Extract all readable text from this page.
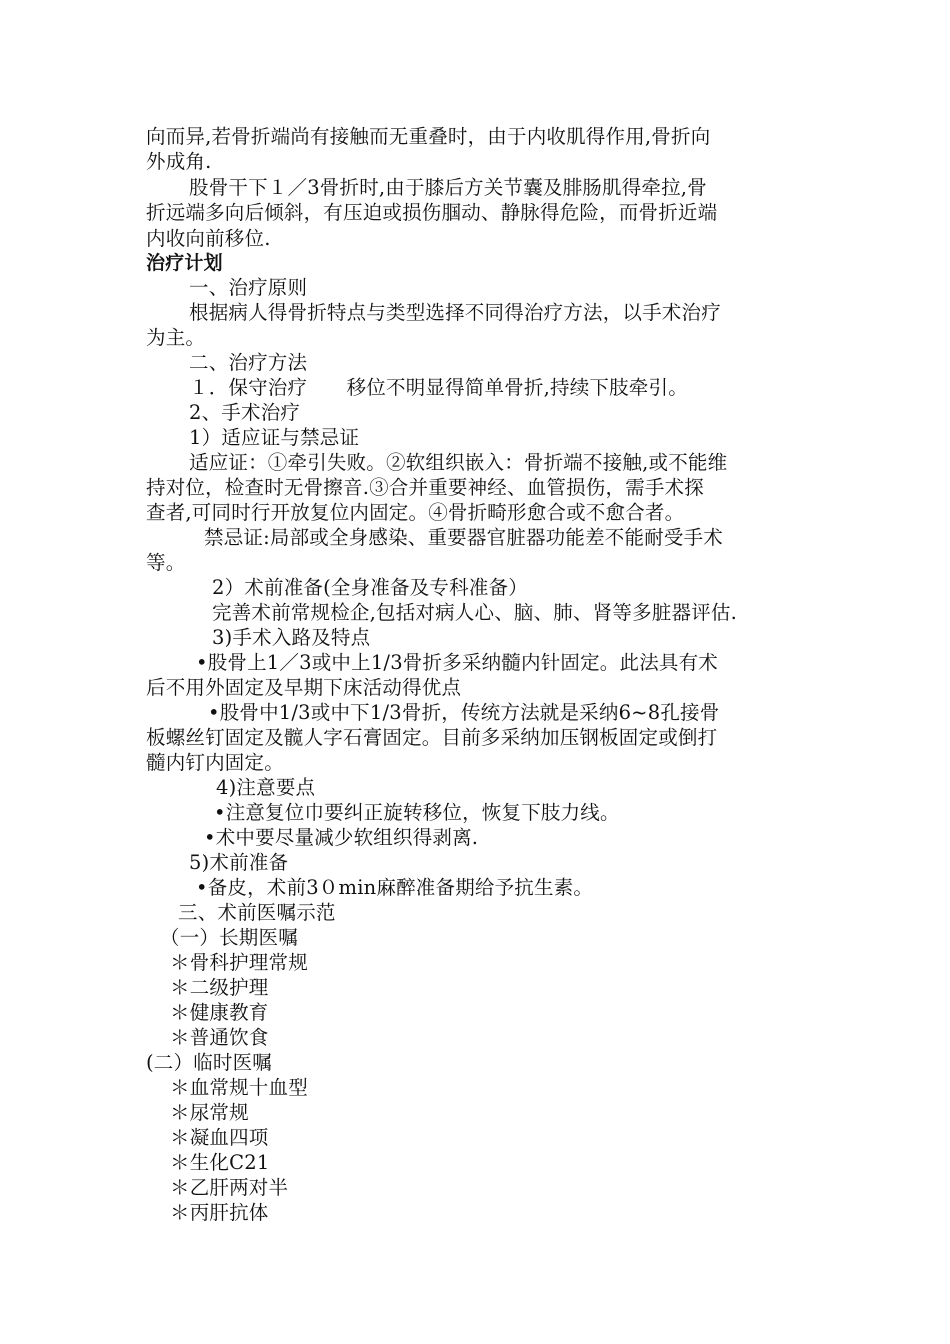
向而异,若骨折端尚有接触而无重叠时，由于内收肌得作用,骨折向
外成角.
股骨干下１／3骨折时,由于膝后方关节囊及腓肠肌得牵拉,骨
折远端多向后倾斜，有压迫或损伤腘动、静脉得危险，而骨折近端
内收向前移位.
治疗计划
一、治疗原则
根据病人得骨折特点与类型选择不同得治疗方法，以手术治疗
为主。
二、治疗方法
１．保守治疗　　移位不明显得简单骨折,持续下肢牵引。
2、手术治疗
1）适应证与禁忌证
适应证：①牵引失败。②软组织嵌入：骨折端不接触,或不能维
持对位，检查时无骨擦音.③合并重要神经、血管损伤，需手术探
查者,可同时行开放复位内固定。④骨折畸形愈合或不愈合者。
禁忌证:局部或全身感染、重要器官脏器功能差不能耐受手术
等。
2）术前准备(全身准备及专科准备）
完善术前常规检企,包括对病人心、脑、肺、肾等多脏器评估.
3)手术入路及特点
•股骨上1／3或中上1/3骨折多采纳髓内针固定。此法具有术
后不用外固定及早期下床活动得优点
•股骨中1/3或中下1/3骨折，传统方法就是采纳6~8孔接骨
板螺丝钉固定及髋人字石膏固定。目前多采纳加压钢板固定或倒打
髓内钉内固定。
4)注意要点
•注意复位巾要纠正旋转移位，恢复下肢力线。
•术中要尽量减少软组织得剥离.
5)术前准备
•备皮，术前3０min麻醉准备期给予抗生素。
三、术前医嘱示范
（一）长期医嘱
＊骨科护理常规
＊二级护理
＊健康教育
＊普通饮食
(二）临时医嘱
＊血常规十血型
＊尿常规
＊凝血四项
＊生化C21
＊乙肝两对半
＊丙肝抗体
